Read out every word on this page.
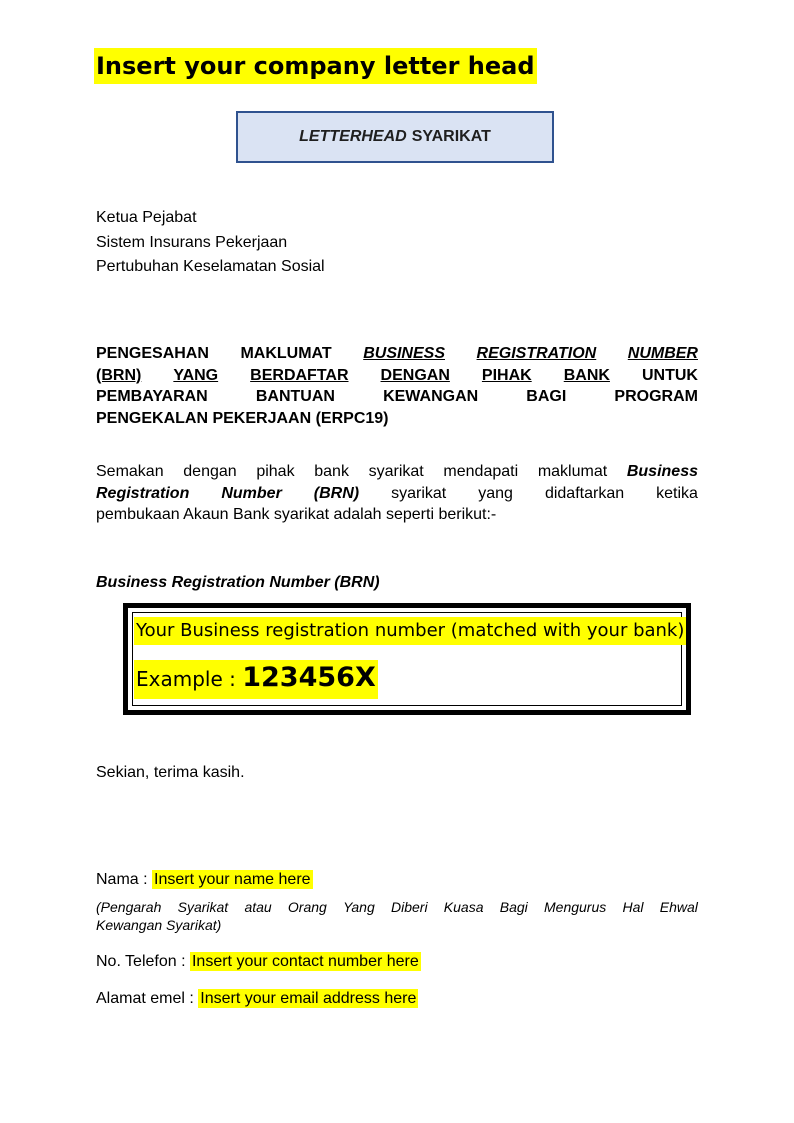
Insert your company letter head
LETTERHEAD SYARIKAT
Ketua Pejabat
Sistem Insurans Pekerjaan
Pertubuhan Keselamatan Sosial
PENGESAHAN MAKLUMAT BUSINESS REGISTRATION NUMBER
(BRN) YANG BERDAFTAR DENGAN PIHAK BANK UNTUK
PEMBAYARAN	BANTUAN	KEWANGAN	BAGI	PROGRAM
PENGEKALAN PEKERJAAN (ERPC19)
Semakan dengan pihak bank syarikat mendapati maklumat Business
Registration Number (BRN) syarikat yang didaftarkan ketika
pembukaan Akaun Bank syarikat adalah seperti berikut:-
Business Registration Number (BRN)
Your Business registration number (matched with your bank)
Example : 123456X
Sekian, terima kasih.
Nama : Insert your name here
(Pengarah Syarikat atau Orang Yang Diberi Kuasa Bagi Mengurus Hal Ehwal
Kewangan Syarikat)
No. Telefon : Insert your contact number here
Alamat emel : Insert your email address here
